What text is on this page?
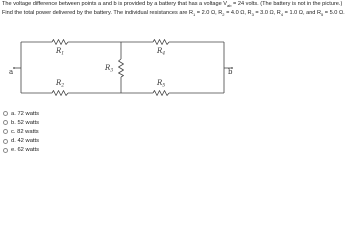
The voltage difference between points a and b is provided by a battery that has a voltage $V_{ab} = 24$ volts. (The battery is not in the picture.)
Find the total power delivered by the battery. The individual resistances are $R_1 = 2.0$ Ω, $R_2 = 4.0$ Ω, $R_3 = 3.0$ Ω, $R_4 = 1.0$ Ω, and $R_5 = 5.0$ Ω.
a	b
$R_1$	$R_4$
$R_2$	$R_5$
$R_3$
a. 72 watts
b. 52 watts
c. 82 watts
d. 42 watts
e. 62 watts
